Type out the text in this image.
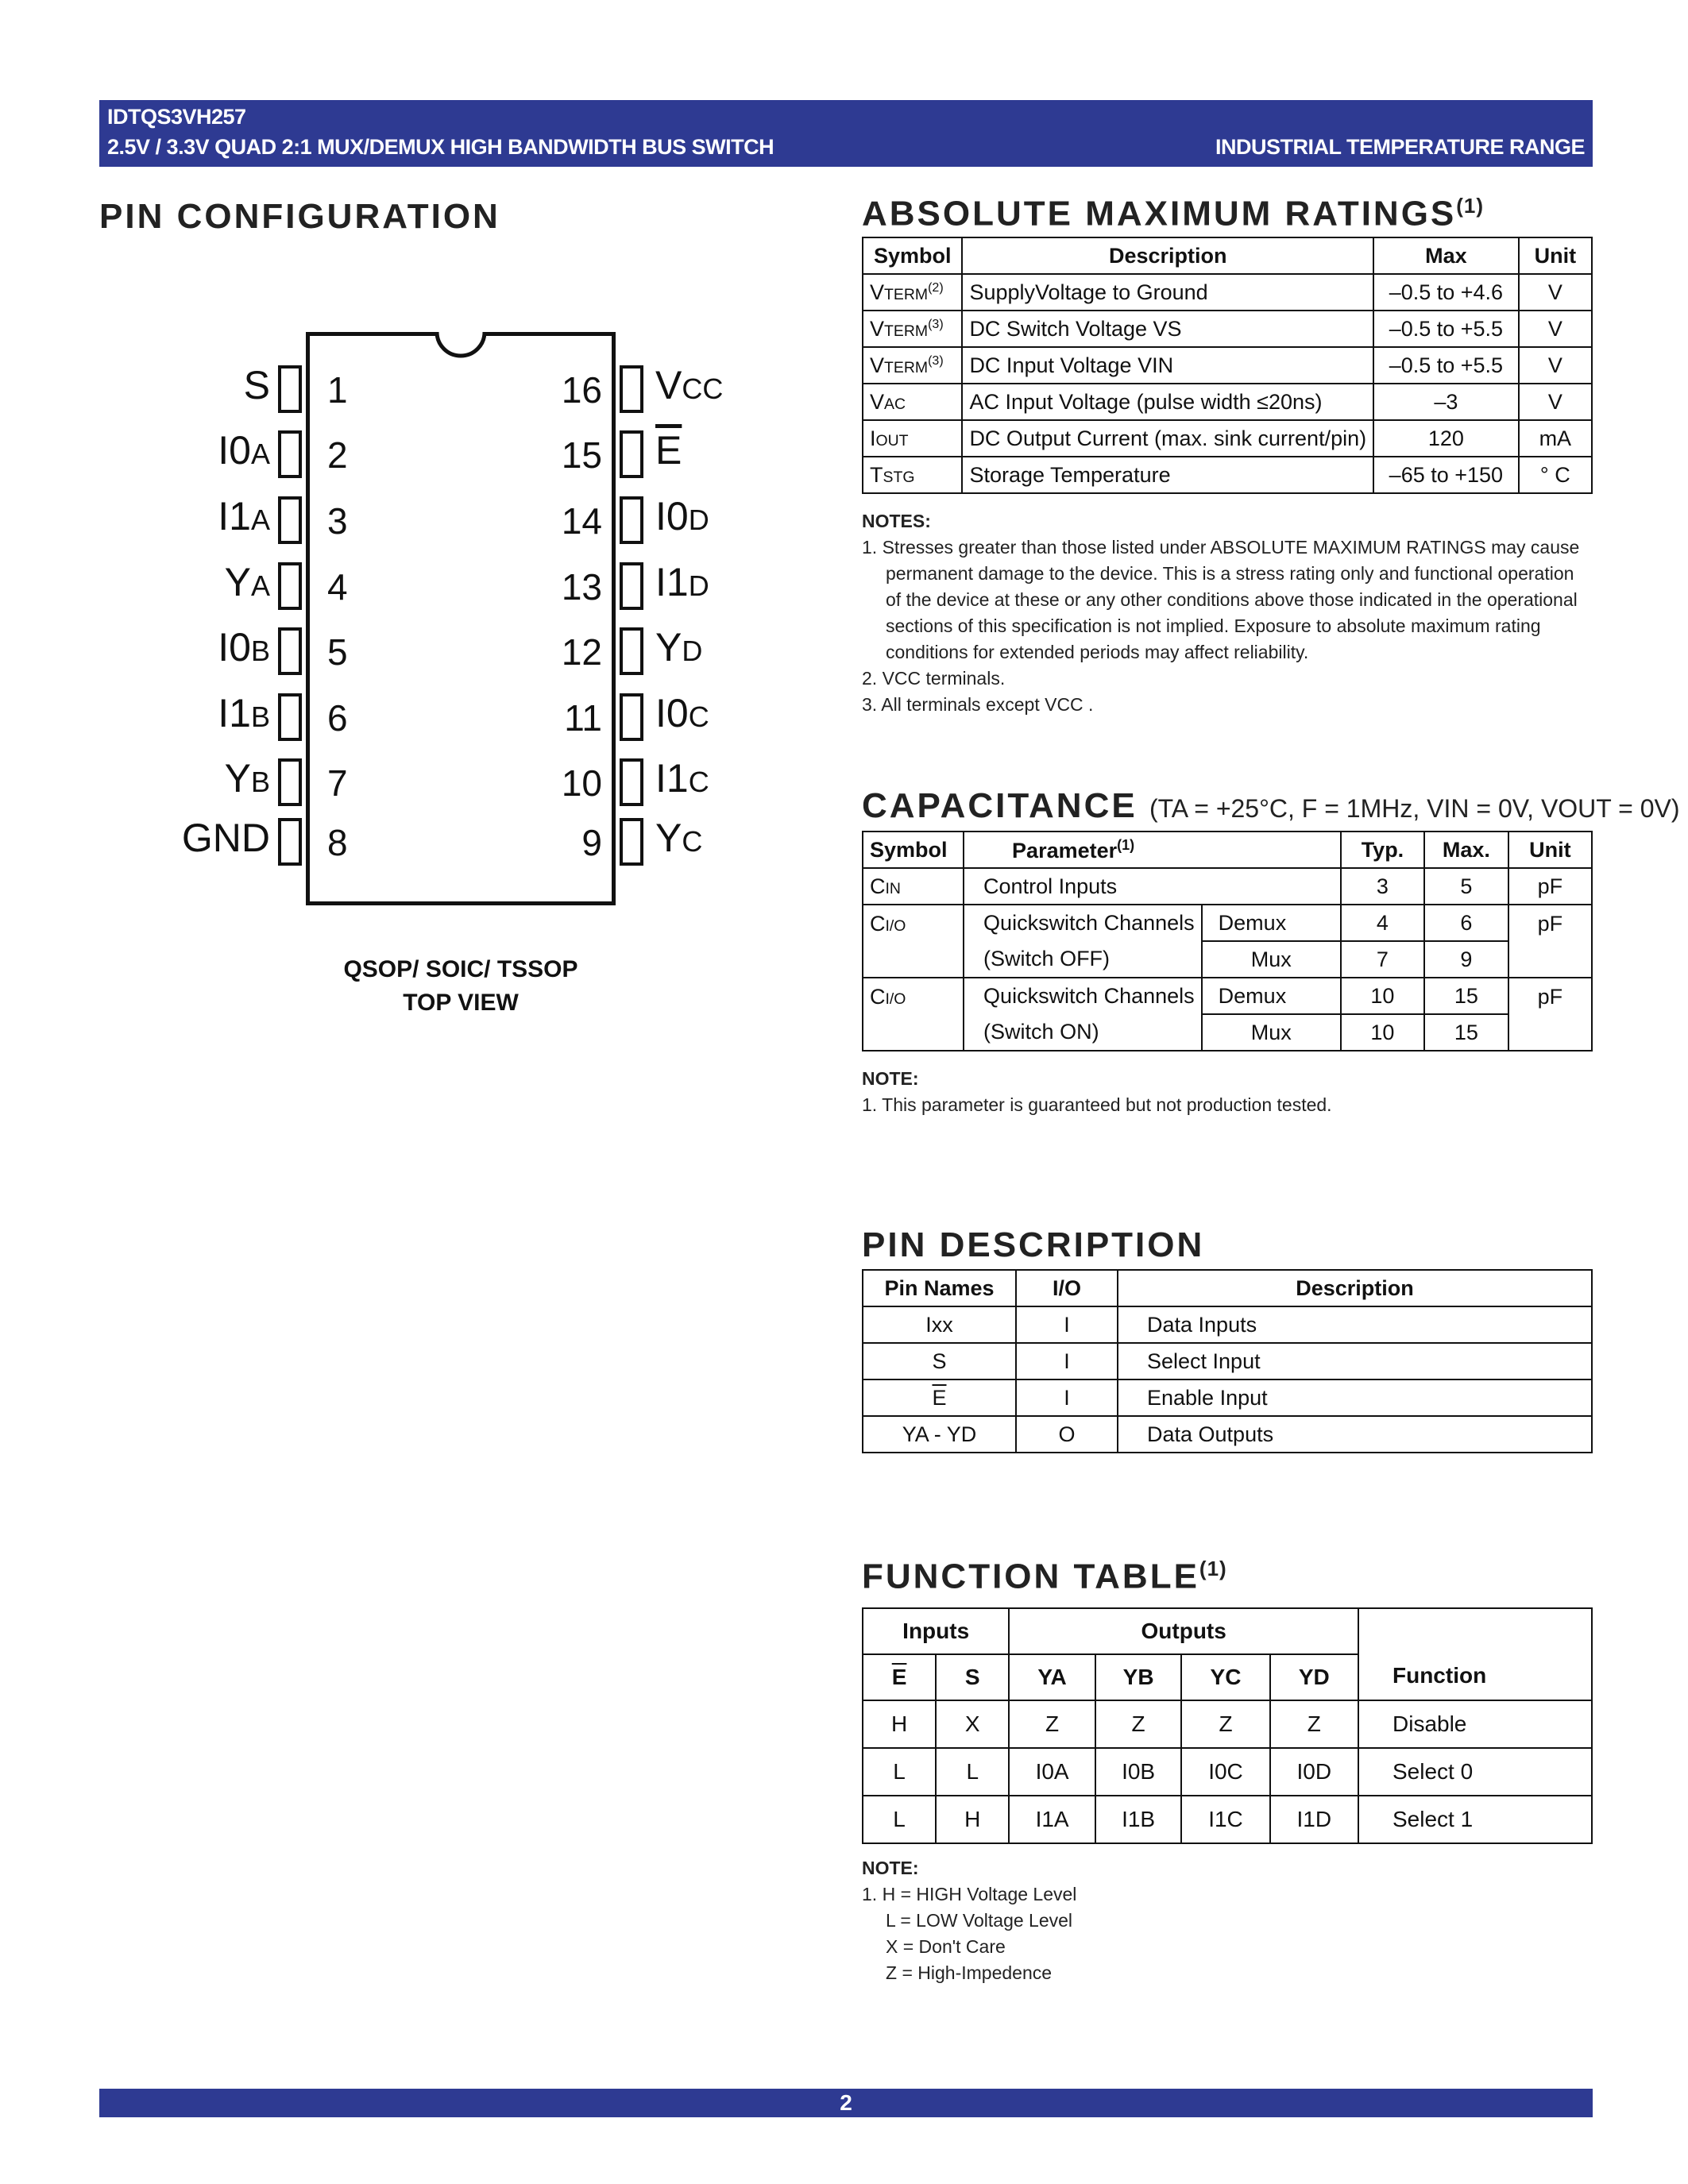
IDTQS3VH257
2.5V / 3.3V QUAD 2:1 MUX/DEMUX HIGH BANDWIDTH BUS SWITCH	INDUSTRIAL TEMPERATURE RANGE
PIN CONFIGURATION
1
S
2
I0A
3
I1A
4
YA
5
I0B
6
I1B
7
YB
8
GND
16 VCC
15 $\overline{E}$
14 I0D
13 I1D
12 YD
11 I0C
10 I1C
9 YC
QSOP/ SOIC/ TSSOP
TOP VIEW
ABSOLUTE MAXIMUM RATINGS$^{(1)}$
Symbol	Description	Max	Unit
VTERM$^{(2)}$	SupplyVoltage to Ground	–0.5 to +4.6	V
VTERM$^{(3)}$	DC Switch Voltage VS	–0.5 to +5.5	V
VTERM$^{(3)}$	DC Input Voltage VIN	–0.5 to +5.5	V
VAC	AC Input Voltage (pulse width ≤20ns)	–3	V
IOUT	DC Output Current (max. sink current/pin)	120	mA
TSTG	Storage Temperature	–65 to +150	° C
NOTES:
1. Stresses greater than those listed under ABSOLUTE MAXIMUM RATINGS may cause
permanent damage to the device. This is a stress rating only and functional operation
of the device at these or any other conditions above those indicated in the operational
sections of this specification is not implied. Exposure to absolute maximum rating
conditions for extended periods may affect reliability.
2. VCC terminals.
3. All terminals except VCC .
CAPACITANCE (TA = +25°C, F = 1MHz, VIN = 0V, VOUT = 0V)
Symbol	Parameter$^{(1)}$		Typ.	Max.	Unit
CIN	Control Inputs		3	5	pF
CI/O	Quickswitch Channels	Demux	4	6	pF
	(Switch OFF)	Mux	7	9	
CI/O	Quickswitch Channels	Demux	10	15	pF
	(Switch ON)	Mux	10	15	
NOTE:
1. This parameter is guaranteed but not production tested.
PIN DESCRIPTION
Pin Names	I/O	Description
Ixx	I	Data Inputs
S	I	Select Input
$\overline{E}$	I	Enable Input
YA - YD	O	Data Outputs
FUNCTION TABLE$^{(1)}$
Inputs		Outputs				Function
$\overline{E}$	S	YA	YB	YC	YD	
H	X	Z	Z	Z	Z	Disable
L	L	I0A	I0B	I0C	I0D	Select 0
L	H	I1A	I1B	I1C	I1D	Select 1
NOTE:
1. H = HIGH Voltage Level
L = LOW Voltage Level
X = Don't Care
Z = High-Impedence
2
